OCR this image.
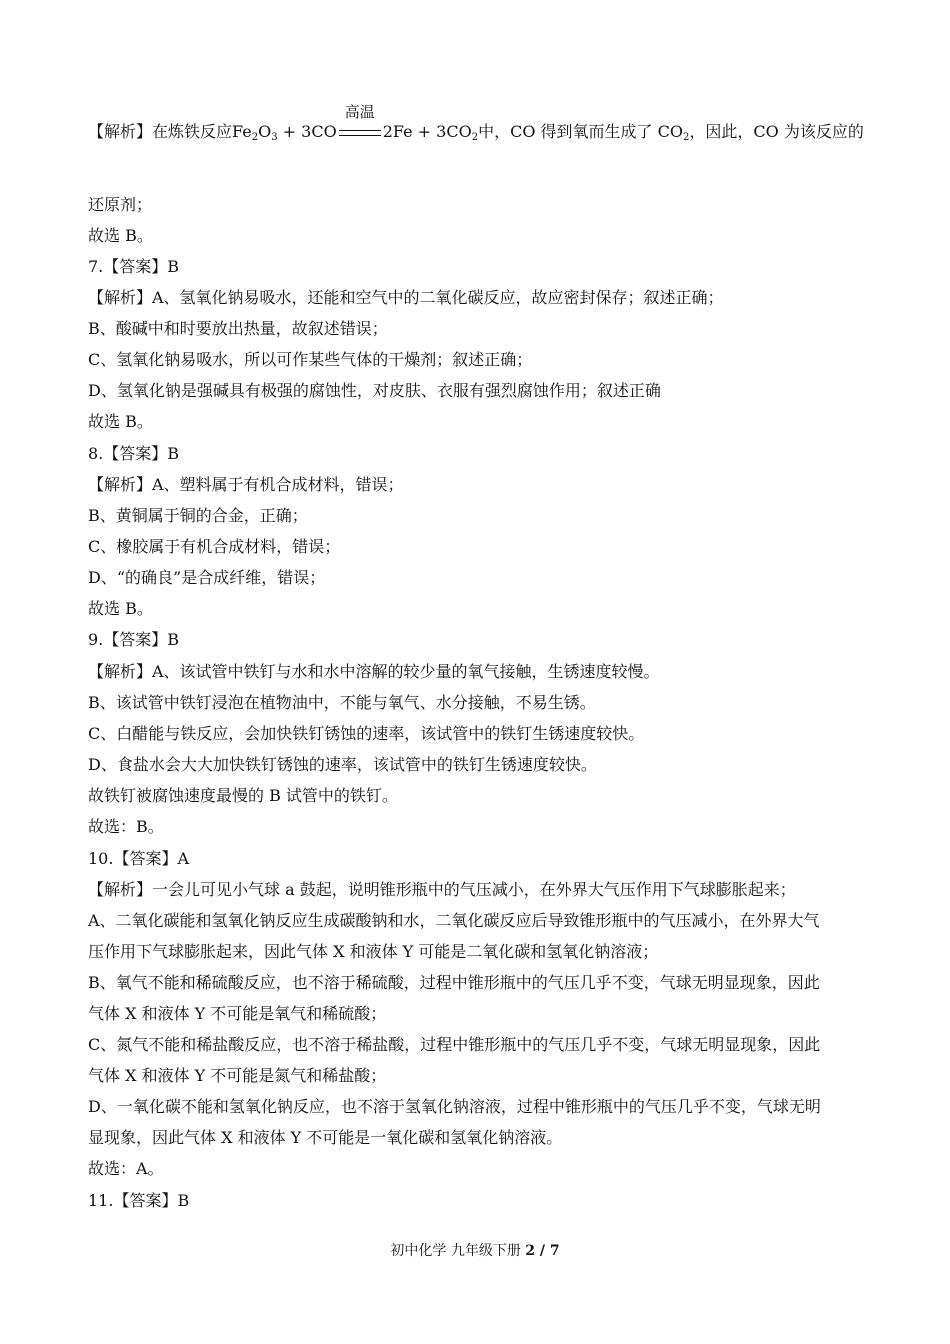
【解析】在炼铁反应$Fe_2O_3 + 3CO$
高温
$2Fe + 3CO_2$中，CO 得到氧而生成了 $CO_2$，因此，CO 为该反应的
还原剂；
故选 B。
7.【答案】B
【解析】A、氢氧化钠易吸水，还能和空气中的二氧化碳反应，故应密封保存；叙述正确；
B、酸碱中和时要放出热量，故叙述错误；
C、氢氧化钠易吸水，所以可作某些气体的干燥剂；叙述正确；
D、氢氧化钠是强碱具有极强的腐蚀性，对皮肤、衣服有强烈腐蚀作用；叙述正确
故选 B。
8.【答案】B
【解析】A、塑料属于有机合成材料，错误；
B、黄铜属于铜的合金，正确；
C、橡胶属于有机合成材料，错误；
D、“的确良”是合成纤维，错误；
故选 B。
9.【答案】B
【解析】A、该试管中铁钉与水和水中溶解的较少量的氧气接触，生锈速度较慢。
B、该试管中铁钉浸泡在植物油中，不能与氧气、水分接触，不易生锈。
C、白醋能与铁反应，会加快铁钉锈蚀的速率，该试管中的铁钉生锈速度较快。
D、食盐水会大大加快铁钉锈蚀的速率，该试管中的铁钉生锈速度较快。
故铁钉被腐蚀速度最慢的 B 试管中的铁钉。
故选：B。
10.【答案】A
【解析】一会儿可见小气球 a 鼓起，说明锥形瓶中的气压减小，在外界大气压作用下气球膨胀起来；
A、二氧化碳能和氢氧化钠反应生成碳酸钠和水，二氧化碳反应后导致锥形瓶中的气压减小，在外界大气
压作用下气球膨胀起来，因此气体 X 和液体 Y 可能是二氧化碳和氢氧化钠溶液；
B、氧气不能和稀硫酸反应，也不溶于稀硫酸，过程中锥形瓶中的气压几乎不变，气球无明显现象，因此
气体 X 和液体 Y 不可能是氧气和稀硫酸；
C、氮气不能和稀盐酸反应，也不溶于稀盐酸，过程中锥形瓶中的气压几乎不变，气球无明显现象，因此
气体 X 和液体 Y 不可能是氮气和稀盐酸；
D、一氧化碳不能和氢氧化钠反应，也不溶于氢氧化钠溶液，过程中锥形瓶中的气压几乎不变，气球无明
显现象，因此气体 X 和液体 Y 不可能是一氧化碳和氢氧化钠溶液。
故选：A。
11.【答案】B
初中化学 九年级下册 2 / 7
